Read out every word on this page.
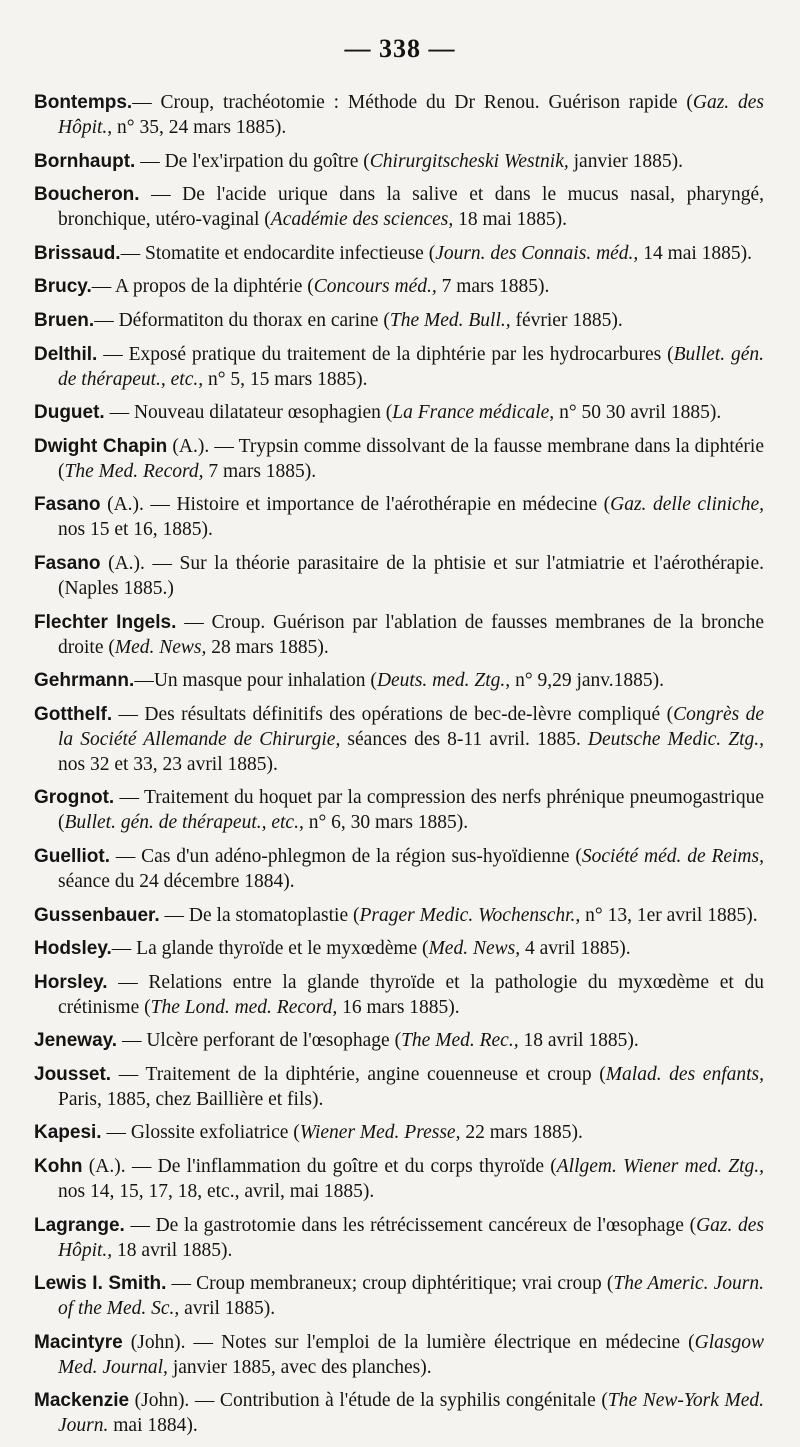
— 338 —
Bontemps.— Croup, trachéotomie : Méthode du Dr Renou. Guérison rapide (Gaz. des Hôpit., n° 35, 24 mars 1885).
Bornhaupt. — De l'ex'irpation du goître (Chirurgitscheski Westnik, janvier 1885).
Boucheron. — De l'acide urique dans la salive et dans le mucus nasal, pharyngé, bronchique, utéro-vaginal (Académie des sciences, 18 mai 1885).
Brissaud.— Stomatite et endocardite infectieuse (Journ. des Connais. méd., 14 mai 1885).
Brucy.— A propos de la diphtérie (Concours méd., 7 mars 1885).
Bruen.— Déformatiton du thorax en carine (The Med. Bull., février 1885).
Delthil. — Exposé pratique du traitement de la diphtérie par les hydrocarbures (Bullet. gén. de thérapeut., etc., n° 5, 15 mars 1885).
Duguet. — Nouveau dilatateur œsophagien (La France médicale, n° 50 30 avril 1885).
Dwight Chapin (A.). — Trypsin comme dissolvant de la fausse membrane dans la diphtérie (The Med. Record, 7 mars 1885).
Fasano (A.). — Histoire et importance de l'aérothérapie en médecine (Gaz. delle cliniche, nos 15 et 16, 1885).
Fasano (A.). — Sur la théorie parasitaire de la phtisie et sur l'atmiatrie et l'aérothérapie. (Naples 1885.)
Flechter Ingels. — Croup. Guérison par l'ablation de fausses membranes de la bronche droite (Med. News, 28 mars 1885).
Gehrmann.—Un masque pour inhalation (Deuts. med. Ztg., n° 9,29 janv.1885).
Gotthelf. — Des résultats définitifs des opérations de bec-de-lèvre compliqué (Congrès de la Société Allemande de Chirurgie, séances des 8-11 avril. 1885. Deutsche Medic. Ztg., nos 32 et 33, 23 avril 1885).
Grognot. — Traitement du hoquet par la compression des nerfs phrénique pneumogastrique (Bullet. gén. de thérapeut., etc., n° 6, 30 mars 1885).
Guelliot. — Cas d'un adéno-phlegmon de la région sus-hyoïdienne (Société méd. de Reims, séance du 24 décembre 1884).
Gussenbauer. — De la stomatoplastie (Prager Medic. Wochenschr., n° 13, 1er avril 1885).
Hodsley.— La glande thyroïde et le myxœdème (Med. News, 4 avril 1885).
Horsley. — Relations entre la glande thyroïde et la pathologie du myxœdème et du crétinisme (The Lond. med. Record, 16 mars 1885).
Jeneway. — Ulcère perforant de l'œsophage (The Med. Rec., 18 avril 1885).
Jousset. — Traitement de la diphtérie, angine couenneuse et croup (Malad. des enfants, Paris, 1885, chez Baillière et fils).
Kapesi. — Glossite exfoliatrice (Wiener Med. Presse, 22 mars 1885).
Kohn (A.). — De l'inflammation du goître et du corps thyroïde (Allgem. Wiener med. Ztg., nos 14, 15, 17, 18, etc., avril, mai 1885).
Lagrange. — De la gastrotomie dans les rétrécissement cancéreux de l'œsophage (Gaz. des Hôpit., 18 avril 1885).
Lewis I. Smith. — Croup membraneux; croup diphtéritique; vrai croup (The Americ. Journ. of the Med. Sc., avril 1885).
Macintyre (John). — Notes sur l'emploi de la lumière électrique en médecine (Glasgow Med. Journal, janvier 1885, avec des planches).
Mackenzie (John). — Contribution à l'étude de la syphilis congénitale (The New-York Med. Journ. mai 1884).
